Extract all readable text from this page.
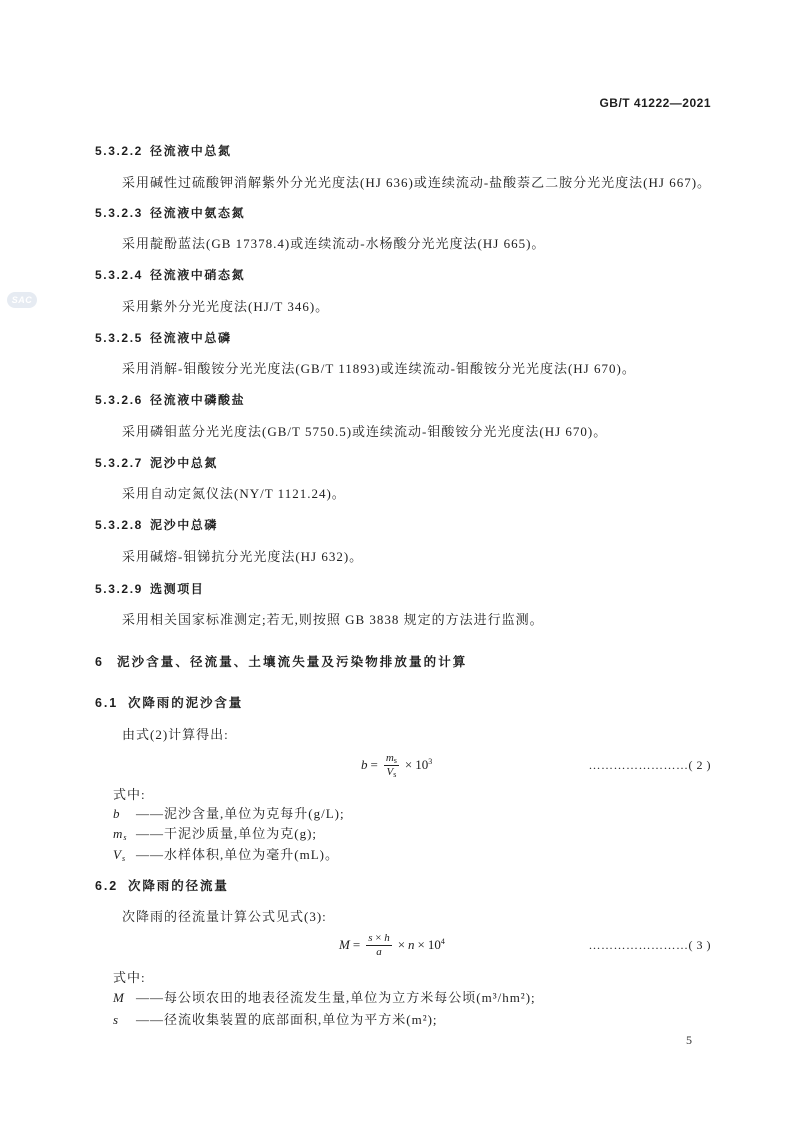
GB/T 41222—2021
SAC
5.3.2.2 径流液中总氮
采用碱性过硫酸钾消解紫外分光光度法(HJ 636)或连续流动-盐酸萘乙二胺分光光度法(HJ 667)。
5.3.2.3 径流液中氨态氮
采用靛酚蓝法(GB 17378.4)或连续流动-水杨酸分光光度法(HJ 665)。
5.3.2.4 径流液中硝态氮
采用紫外分光光度法(HJ/T 346)。
5.3.2.5 径流液中总磷
采用消解-钼酸铵分光光度法(GB/T 11893)或连续流动-钼酸铵分光光度法(HJ 670)。
5.3.2.6 径流液中磷酸盐
采用磷钼蓝分光光度法(GB/T 5750.5)或连续流动-钼酸铵分光光度法(HJ 670)。
5.3.2.7 泥沙中总氮
采用自动定氮仪法(NY/T 1121.24)。
5.3.2.8 泥沙中总磷
采用碱熔-钼锑抗分光光度法(HJ 632)。
5.3.2.9 选测项目
采用相关国家标准测定;若无,则按照 GB 3838 规定的方法进行监测。
6 泥沙含量、径流量、土壤流失量及污染物排放量的计算
6.1 次降雨的泥沙含量
由式(2)计算得出:
$b = \frac{m_s}{V_s} \times 10^3$	……………………( 2 )
式中:
b ——泥沙含量,单位为克每升(g/L);
$m_s$ ——干泥沙质量,单位为克(g);
$V_s$ ——水样体积,单位为毫升(mL)。
6.2 次降雨的径流量
次降雨的径流量计算公式见式(3):
$M = \frac{s \times h}{a} \times n \times 10^4$	……………………( 3 )
式中:
M ——每公顷农田的地表径流发生量,单位为立方米每公顷(m³/hm²);
s ——径流收集装置的底部面积,单位为平方米(m²);
5
